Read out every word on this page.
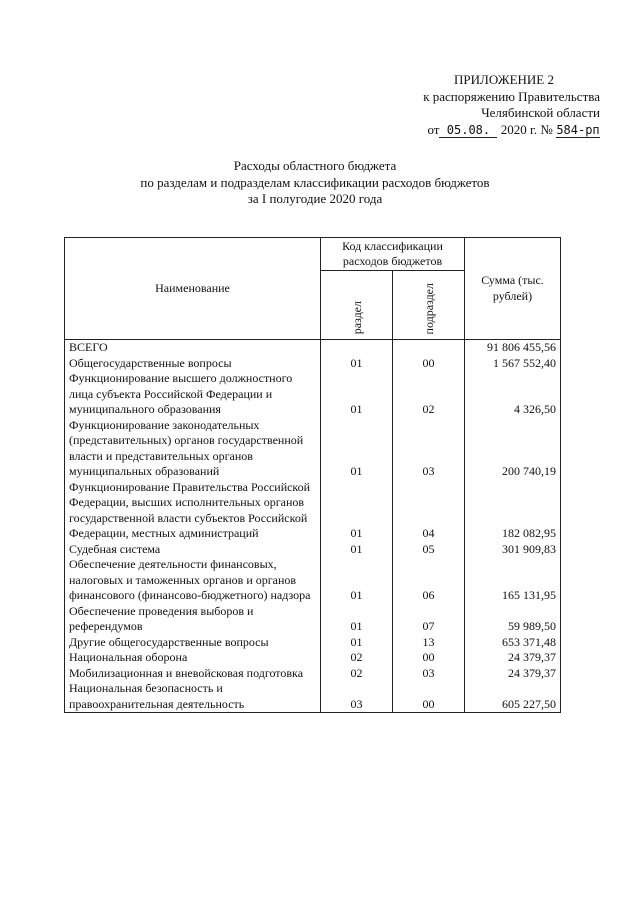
ПРИЛОЖЕНИЕ 2
к распоряжению Правительства
Челябинской области

от 05.08. 2020 г. № 584-рп
Расходы областного бюджета
по разделам и подразделам классификации расходов бюджетов
за I полугодие 2020 года
Наименование	Код классификации расходов бюджетов		Сумма (тыс. рублей)
	раздел	подраздел	
ВСЕГО			91 806 455,56
Общегосударственные вопросы	01	00	1 567 552,40
Функционирование высшего должностного лица субъекта Российской Федерации и муниципального образования	01	02	4 326,50
Функционирование законодательных (представительных) органов государственной власти и представительных органов муниципальных образований	01	03	200 740,19
Функционирование Правительства Российской Федерации, высших исполнительных органов государственной власти субъектов Российской Федерации, местных администраций	01	04	182 082,95
Судебная система	01	05	301 909,83
Обеспечение деятельности финансовых, налоговых и таможенных органов и органов финансового (финансово-бюджетного) надзора	01	06	165 131,95
Обеспечение проведения выборов и референдумов	01	07	59 989,50
Другие общегосударственные вопросы	01	13	653 371,48
Национальная оборона	02	00	24 379,37
Мобилизационная и вневойсковая подготовка	02	03	24 379,37
Национальная безопасность и правоохранительная деятельность	03	00	605 227,50
